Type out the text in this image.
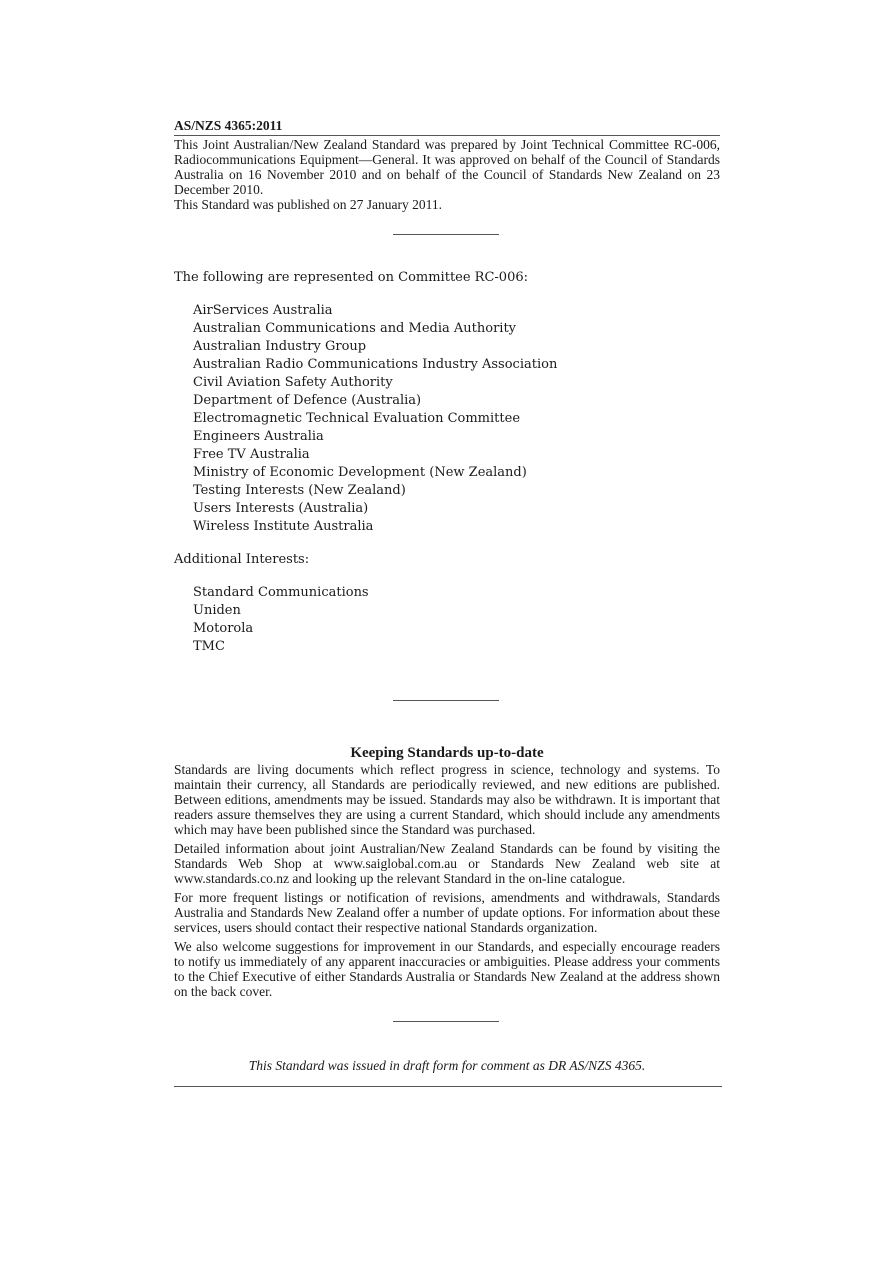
AS/NZS 4365:2011

This Joint Australian/New Zealand Standard was prepared by Joint Technical Committee RC-006, Radiocommunications Equipment—General. It was approved on behalf of the Council of Standards Australia on 16 November 2010 and on behalf of the Council of Standards New Zealand on 23 December 2010.

This Standard was published on 27 January 2011.

The following are represented on Committee RC-006:

AirServices Australia
Australian Communications and Media Authority
Australian Industry Group
Australian Radio Communications Industry Association
Civil Aviation Safety Authority
Department of Defence (Australia)
Electromagnetic Technical Evaluation Committee
Engineers Australia
Free TV Australia
Ministry of Economic Development (New Zealand)
Testing Interests (New Zealand)
Users Interests (Australia)
Wireless Institute Australia

Additional Interests:

Standard Communications
Uniden
Motorola
TMC

Keeping Standards up-to-date

Standards are living documents which reflect progress in science, technology and systems. To maintain their currency, all Standards are periodically reviewed, and new editions are published. Between editions, amendments may be issued. Standards may also be withdrawn. It is important that readers assure themselves they are using a current Standard, which should include any amendments which may have been published since the Standard was purchased.

Detailed information about joint Australian/New Zealand Standards can be found by visiting the Standards Web Shop at www.saiglobal.com.au or Standards New Zealand web site at www.standards.co.nz and looking up the relevant Standard in the on-line catalogue.

For more frequent listings or notification of revisions, amendments and withdrawals, Standards Australia and Standards New Zealand offer a number of update options. For information about these services, users should contact their respective national Standards organization.

We also welcome suggestions for improvement in our Standards, and especially encourage readers to notify us immediately of any apparent inaccuracies or ambiguities. Please address your comments to the Chief Executive of either Standards Australia or Standards New Zealand at the address shown on the back cover.

This Standard was issued in draft form for comment as DR AS/NZS 4365.
